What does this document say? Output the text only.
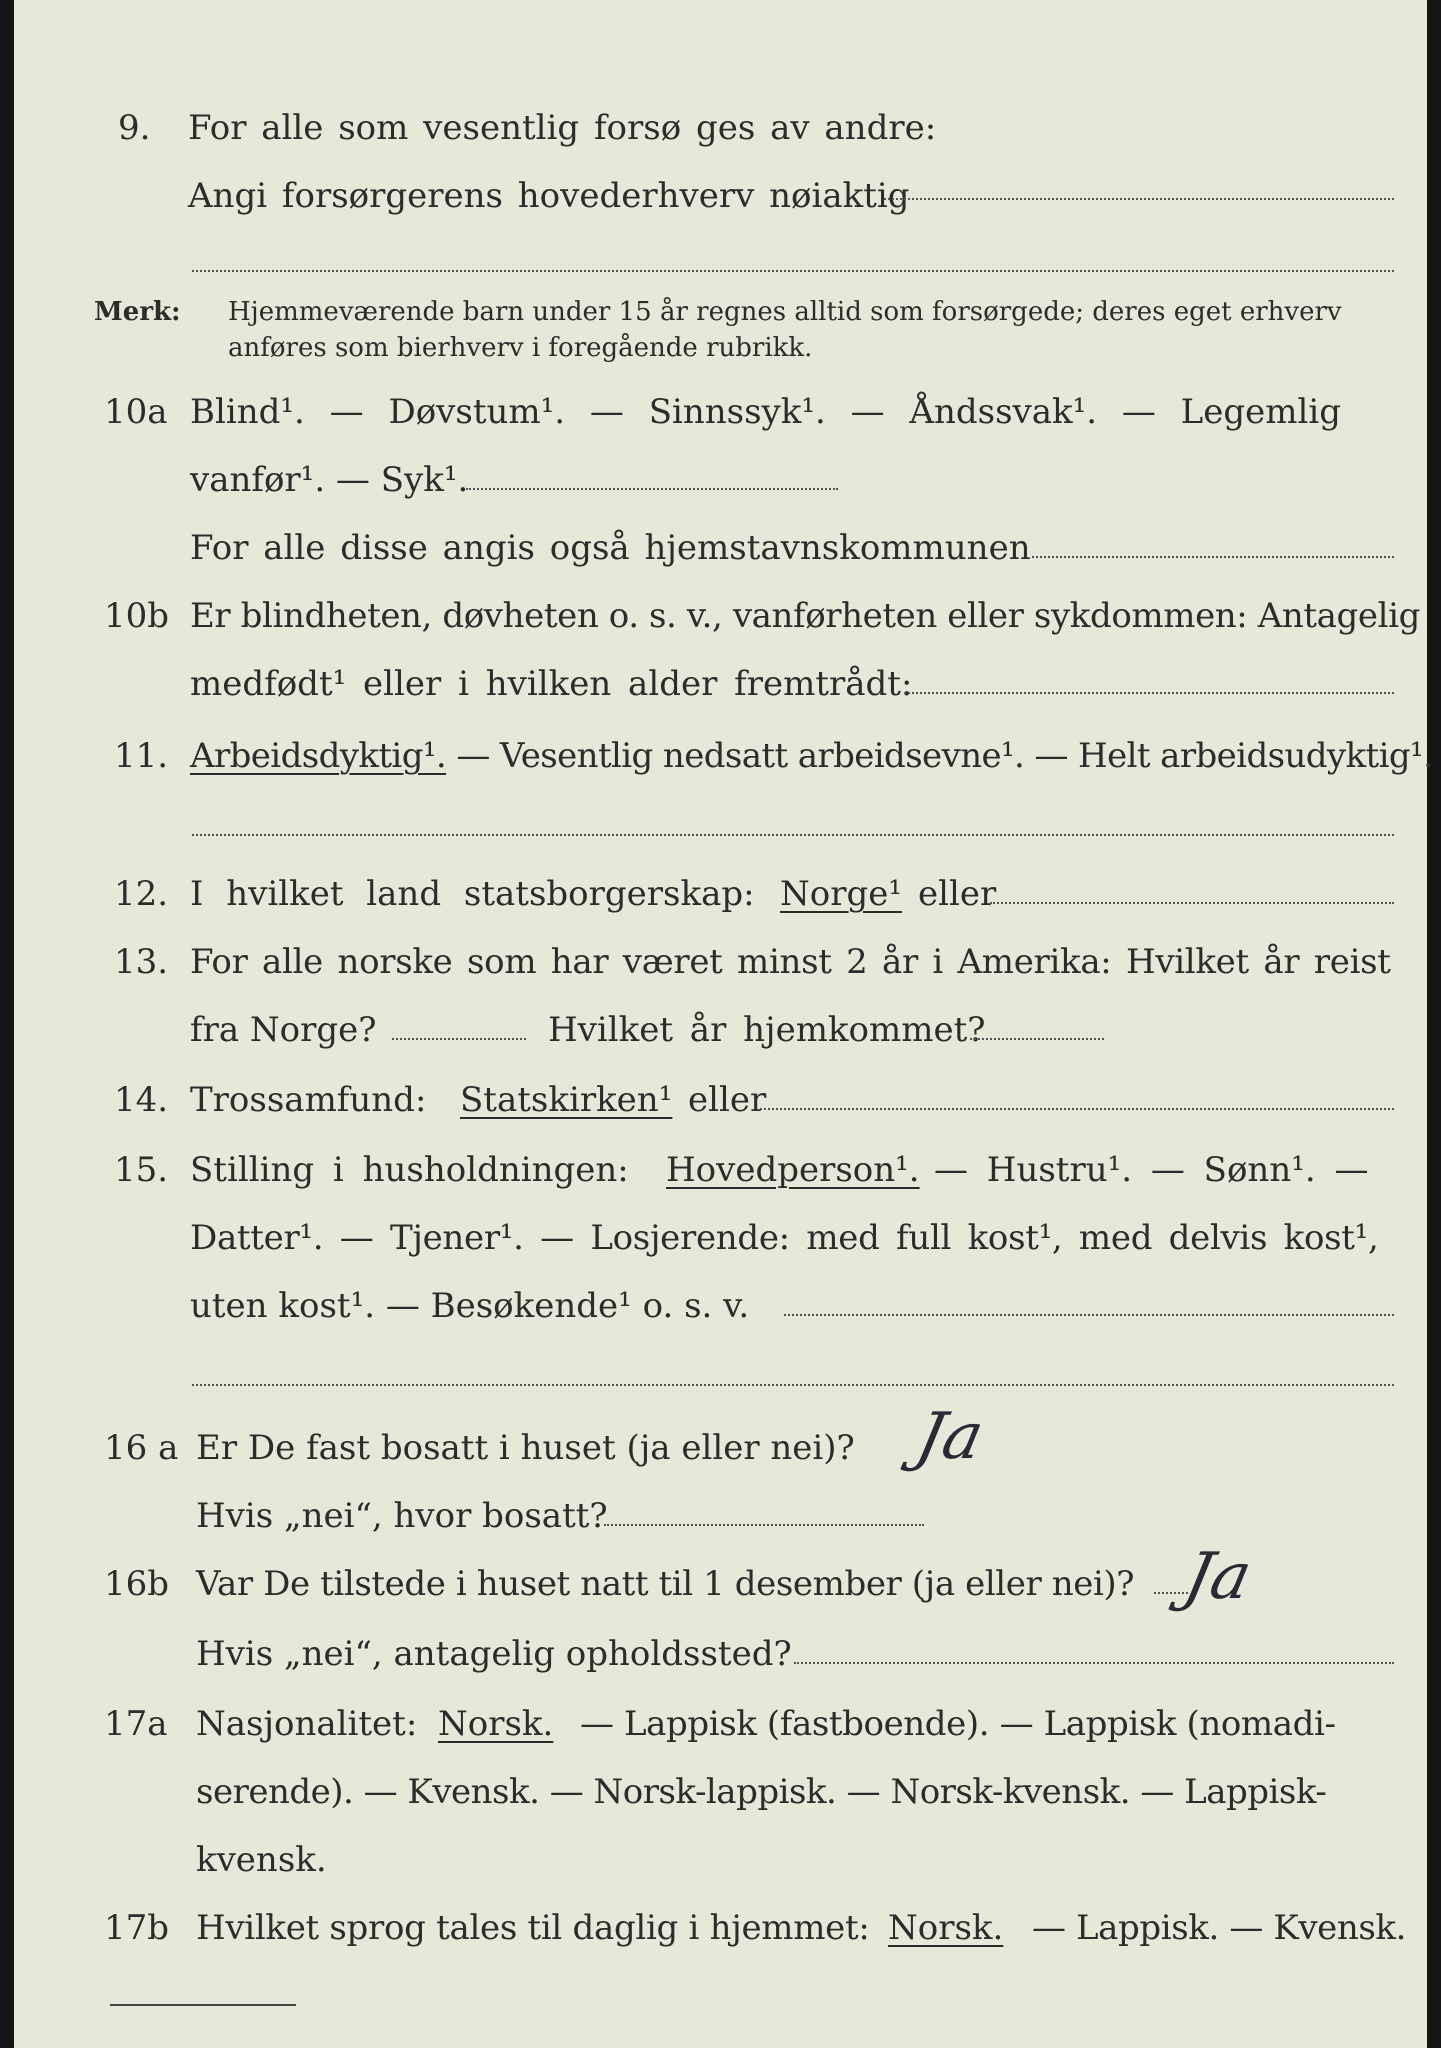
9. For alle som vesentlig forsø ges av andre:
Angi forsørgerens hovederhverv nøiaktig
Merk: Hjemmeværende barn under 15 år regnes alltid som forsørgede; deres eget erhverv
anføres som bierhverv i foregående rubrikk.
10a Blind¹. — Døvstum¹. — Sinnssyk¹. — Åndssvak¹. — Legemlig
vanfør¹. — Syk¹.
For alle disse angis også hjemstavnskommunen
10b Er blindheten, døvheten o. s. v., vanførheten eller sykdommen: Antagelig
medfødt¹ eller i hvilken alder fremtrådt:
11. Arbeidsdyktig¹. — Vesentlig nedsatt arbeidsevne¹. — Helt arbeidsudyktig¹.
12. I hvilket land statsborgerskap: Norge¹ eller
13. For alle norske som har været minst 2 år i Amerika: Hvilket år reist
fra Norge?	Hvilket år hjemkommet?
14. Trossamfund: Statskirken¹ eller
15. Stilling i husholdningen: Hovedperson¹. — Hustru¹. — Sønn¹. —
Datter¹. — Tjener¹. — Losjerende: med full kost¹, med delvis kost¹,
uten kost¹. — Besøkende¹ o. s. v.
16 a Er De fast bosatt i huset (ja eller nei)? Ja
Hvis „nei“, hvor bosatt?
16b Var De tilstede i huset natt til 1 desember (ja eller nei)? Ja
Hvis „nei“, antagelig opholdssted?
17a Nasjonalitet: Norsk. — Lappisk (fastboende). — Lappisk (nomadi-
serende). — Kvensk. — Norsk-lappisk. — Norsk-kvensk. — Lappisk-
kvensk.
17b Hvilket sprog tales til daglig i hjemmet: Norsk. — Lappisk. — Kvensk.
